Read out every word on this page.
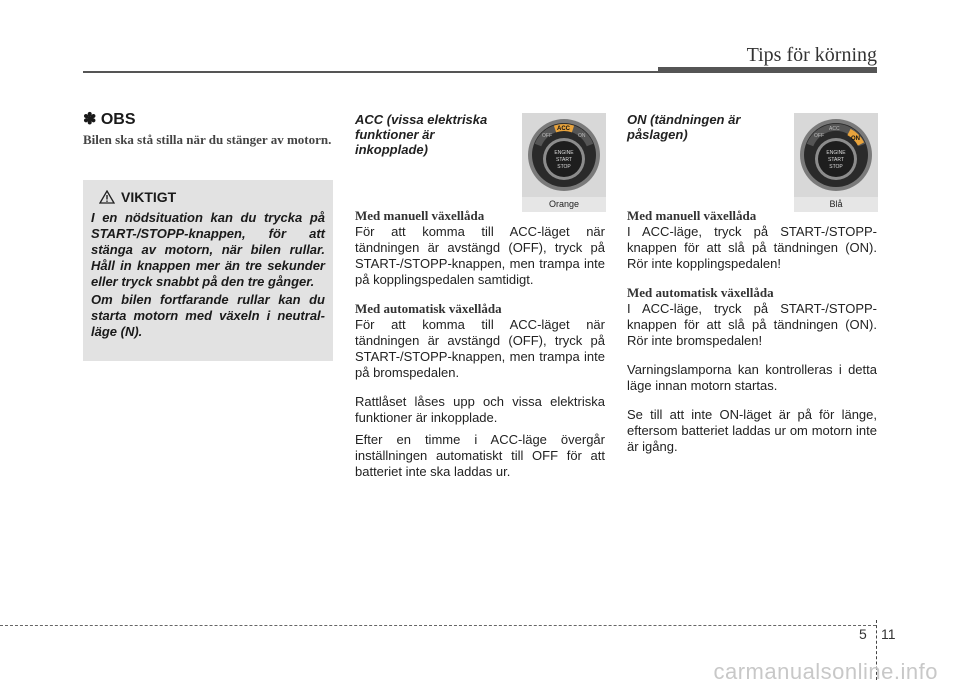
Tips för körning
✽ OBS
Bilen ska stå stilla när du stänger av motorn.
VIKTIGT
I en nödsituation kan du trycka på START-/STOPP-knappen, för att stänga av motorn, när bilen rullar. Håll in knappen mer än tre sekunder eller tryck snabbt på den tre gånger.
Om bilen fortfarande rullar kan du starta motorn med växeln i neutral-läge (N).
ACC (vissa elektriska funktioner är inkopplade)
Med manuell växellåda
För att komma till ACC-läget när tändningen är avstängd (OFF), tryck på START-/STOPP-knappen, men trampa inte på kopplingspedalen samtidigt.
Med automatisk växellåda
För att komma till ACC-läget när tändningen är avstängd (OFF), tryck på START-/STOPP-knappen, men trampa inte på bromspedalen.
Rattlåset låses upp och vissa elektriska funktioner är inkopplade.
Efter en timme i ACC-läge övergår inställningen automatiskt till OFF för att batteriet inte ska laddas ur.
OFF
ACC
ON
ENGINE
START
STOP
Orange
ON (tändningen är påslagen)
Med manuell växellåda
I ACC-läge, tryck på START-/STOPP-knappen för att slå på tändningen (ON). Rör inte kopplingspedalen!
Med automatisk växellåda
I ACC-läge, tryck på START-/STOPP-knappen för att slå på tändningen (ON). Rör inte bromspedalen!
Varningslamporna kan kontrolleras i detta läge innan motorn startas.
Se till att inte ON-läget är på för länge, eftersom batteriet laddas ur om motorn inte är igång.
OFF
ACC
ON
ENGINE
START
STOP
Blå
5 11
carmanualsonline.info
